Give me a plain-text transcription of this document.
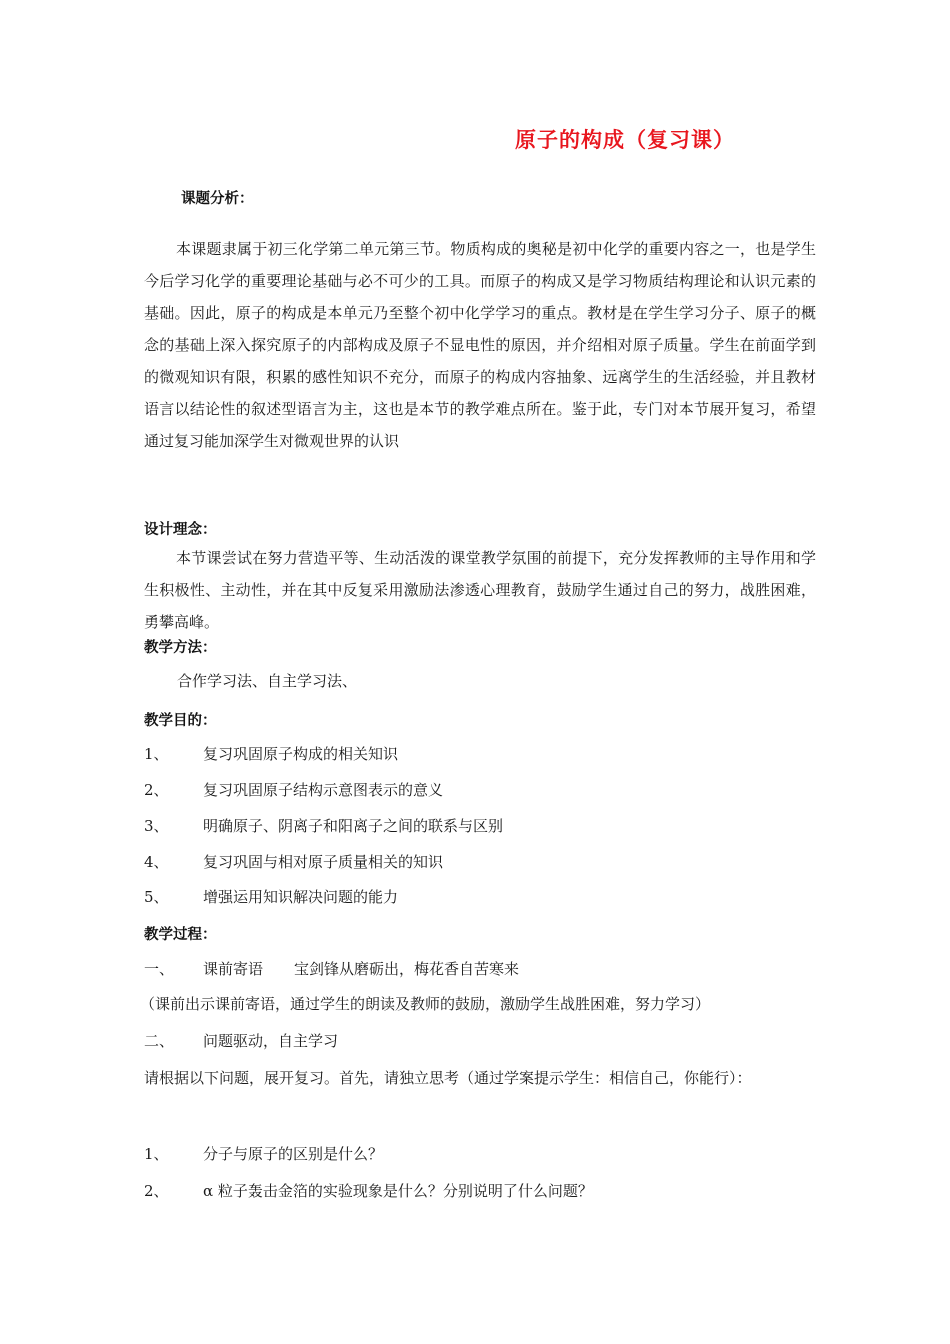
原子的构成（复习课）
课题分析：
本课题隶属于初三化学第二单元第三节。物质构成的奥秘是初中化学的重要内容之一，也是学生今后学习化学的重要理论基础与必不可少的工具。而原子的构成又是学习物质结构理论和认识元素的基础。因此，原子的构成是本单元乃至整个初中化学学习的重点。教材是在学生学习分子、原子的概念的基础上深入探究原子的内部构成及原子不显电性的原因，并介绍相对原子质量。学生在前面学到的微观知识有限，积累的感性知识不充分，而原子的构成内容抽象、远离学生的生活经验，并且教材语言以结论性的叙述型语言为主，这也是本节的教学难点所在。鉴于此，专门对本节展开复习，希望通过复习能加深学生对微观世界的认识
设计理念：
本节课尝试在努力营造平等、生动活泼的课堂教学氛围的前提下，充分发挥教师的主导作用和学生积极性、主动性，并在其中反复采用激励法渗透心理教育，鼓励学生通过自己的努力，战胜困难，勇攀高峰。
教学方法：
合作学习法、自主学习法、
教学目的：
1、 复习巩固原子构成的相关知识
2、 复习巩固原子结构示意图表示的意义
3、 明确原子、阴离子和阳离子之间的联系与区别
4、 复习巩固与相对原子质量相关的知识
5、 增强运用知识解决问题的能力
教学过程：
一、 课前寄语 宝剑锋从磨砺出，梅花香自苦寒来
（课前出示课前寄语，通过学生的朗读及教师的鼓励，激励学生战胜困难，努力学习）
二、 问题驱动，自主学习
请根据以下问题，展开复习。首先，请独立思考（通过学案提示学生：相信自己，你能行）：
1、 分子与原子的区别是什么？
2、 α 粒子轰击金箔的实验现象是什么？分别说明了什么问题？
